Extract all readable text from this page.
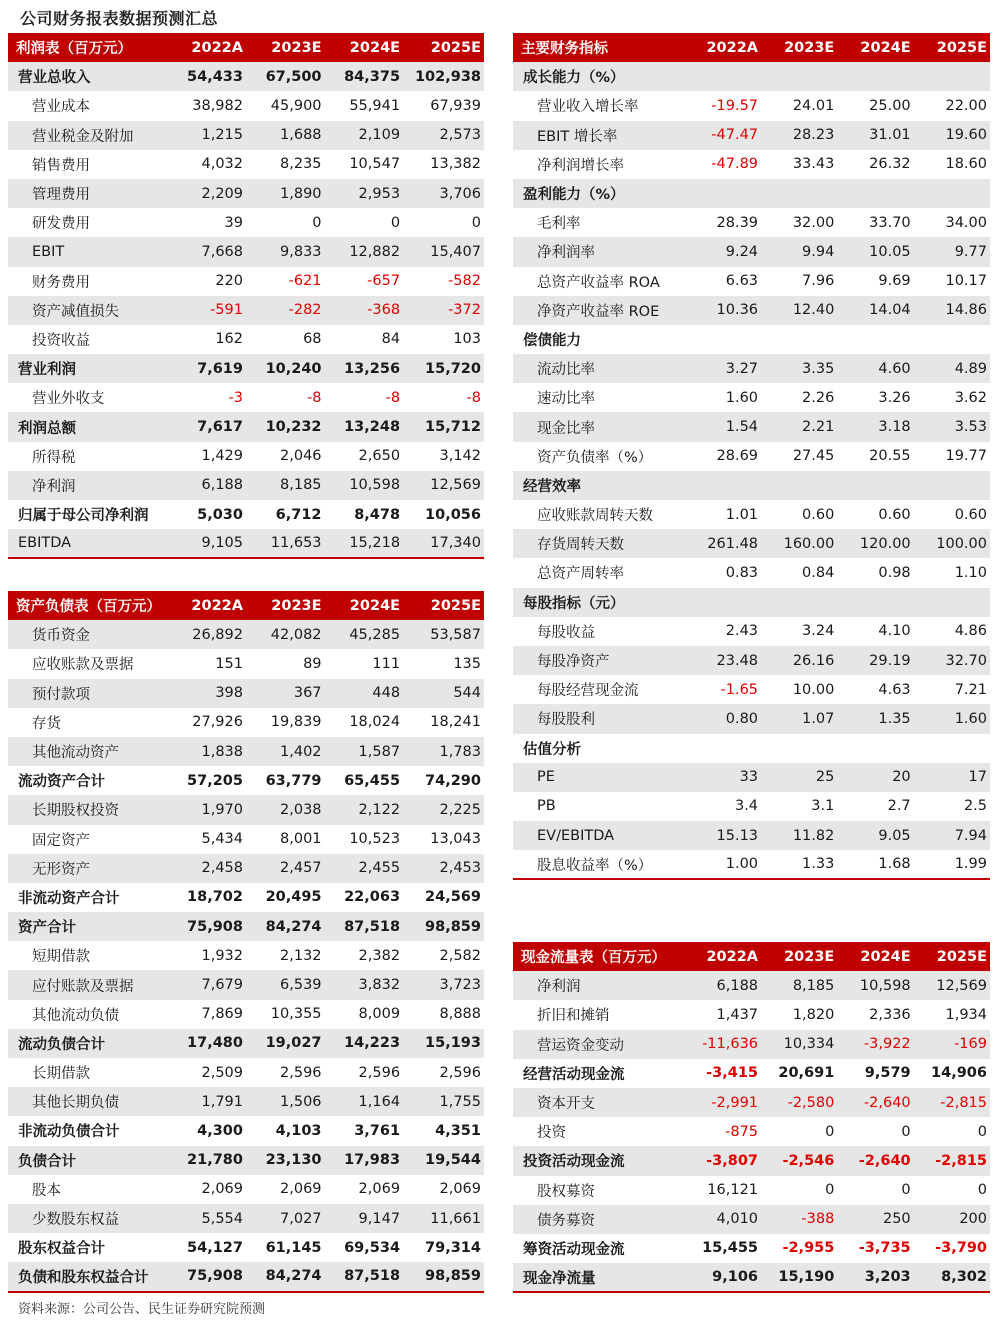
公司财务报表数据预测汇总
利润表（百万元）	2022A	2023E	2024E	2025E
营业总收入	54,433	67,500	84,375	102,938
营业成本	38,982	45,900	55,941	67,939
营业税金及附加	1,215	1,688	2,109	2,573
销售费用	4,032	8,235	10,547	13,382
管理费用	2,209	1,890	2,953	3,706
研发费用	39	0	0	0
EBIT	7,668	9,833	12,882	15,407
财务费用	220	-621	-657	-582
资产减值损失	-591	-282	-368	-372
投资收益	162	68	84	103
营业利润	7,619	10,240	13,256	15,720
营业外收支	-3	-8	-8	-8
利润总额	7,617	10,232	13,248	15,712
所得税	1,429	2,046	2,650	3,142
净利润	6,188	8,185	10,598	12,569
归属于母公司净利润	5,030	6,712	8,478	10,056
EBITDA	9,105	11,653	15,218	17,340
资产负债表（百万元）	2022A	2023E	2024E	2025E
货币资金	26,892	42,082	45,285	53,587
应收账款及票据	151	89	111	135
预付款项	398	367	448	544
存货	27,926	19,839	18,024	18,241
其他流动资产	1,838	1,402	1,587	1,783
流动资产合计	57,205	63,779	65,455	74,290
长期股权投资	1,970	2,038	2,122	2,225
固定资产	5,434	8,001	10,523	13,043
无形资产	2,458	2,457	2,455	2,453
非流动资产合计	18,702	20,495	22,063	24,569
资产合计	75,908	84,274	87,518	98,859
短期借款	1,932	2,132	2,382	2,582
应付账款及票据	7,679	6,539	3,832	3,723
其他流动负债	7,869	10,355	8,009	8,888
流动负债合计	17,480	19,027	14,223	15,193
长期借款	2,509	2,596	2,596	2,596
其他长期负债	1,791	1,506	1,164	1,755
非流动负债合计	4,300	4,103	3,761	4,351
负债合计	21,780	23,130	17,983	19,544
股本	2,069	2,069	2,069	2,069
少数股东权益	5,554	7,027	9,147	11,661
股东权益合计	54,127	61,145	69,534	79,314
负债和股东权益合计	75,908	84,274	87,518	98,859
主要财务指标	2022A	2023E	2024E	2025E
成长能力（%）				
营业收入增长率	-19.57	24.01	25.00	22.00
EBIT 增长率	-47.47	28.23	31.01	19.60
净利润增长率	-47.89	33.43	26.32	18.60
盈利能力（%）				
毛利率	28.39	32.00	33.70	34.00
净利润率	9.24	9.94	10.05	9.77
总资产收益率 ROA	6.63	7.96	9.69	10.17
净资产收益率 ROE	10.36	12.40	14.04	14.86
偿债能力				
流动比率	3.27	3.35	4.60	4.89
速动比率	1.60	2.26	3.26	3.62
现金比率	1.54	2.21	3.18	3.53
资产负债率（%）	28.69	27.45	20.55	19.77
经营效率				
应收账款周转天数	1.01	0.60	0.60	0.60
存货周转天数	261.48	160.00	120.00	100.00
总资产周转率	0.83	0.84	0.98	1.10
每股指标（元）				
每股收益	2.43	3.24	4.10	4.86
每股净资产	23.48	26.16	29.19	32.70
每股经营现金流	-1.65	10.00	4.63	7.21
每股股利	0.80	1.07	1.35	1.60
估值分析				
PE	33	25	20	17
PB	3.4	3.1	2.7	2.5
EV/EBITDA	15.13	11.82	9.05	7.94
股息收益率（%）	1.00	1.33	1.68	1.99
现金流量表（百万元）	2022A	2023E	2024E	2025E
净利润	6,188	8,185	10,598	12,569
折旧和摊销	1,437	1,820	2,336	1,934
营运资金变动	-11,636	10,334	-3,922	-169
经营活动现金流	-3,415	20,691	9,579	14,906
资本开支	-2,991	-2,580	-2,640	-2,815
投资	-875	0	0	0
投资活动现金流	-3,807	-2,546	-2,640	-2,815
股权募资	16,121	0	0	0
债务募资	4,010	-388	250	200
筹资活动现金流	15,455	-2,955	-3,735	-3,790
现金净流量	9,106	15,190	3,203	8,302
资料来源：公司公告、民生证券研究院预测
